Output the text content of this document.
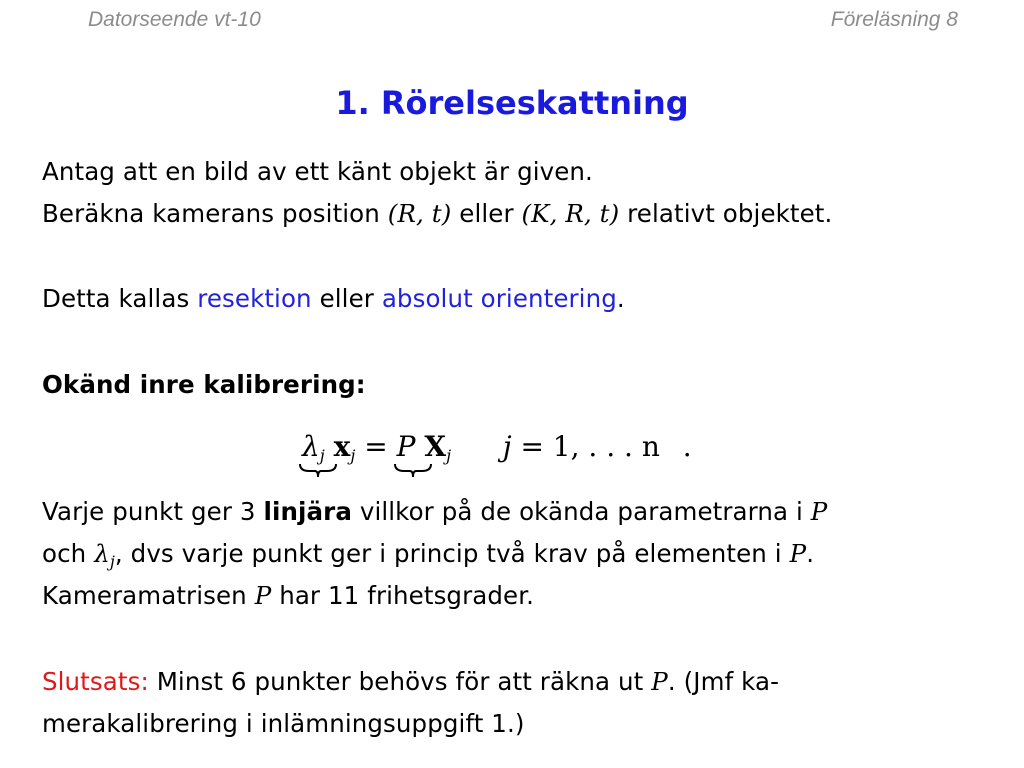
Datorseende vt-10	Föreläsning 8
1. Rörelseskattning
Antag att en bild av ett känt objekt är given.
Beräkna kamerans position (R, t) eller (K, R, t) relativt objektet.
Detta kallas resektion eller absolut orientering.
Okänd inre kalibrering:
$\lambda_j$ $x_j = P$ $X_j$ j = 1, . . . n .
Varje punkt ger 3 linjära villkor på de okända parametrarna i P
och $\lambda_j$, dvs varje punkt ger i princip två krav på elementen i P.
Kameramatrisen P har 11 frihetsgrader.
Slutsats: Minst 6 punkter behövs för att räkna ut P. (Jmf ka-
merakalibrering i inlämningsuppgift 1.)
